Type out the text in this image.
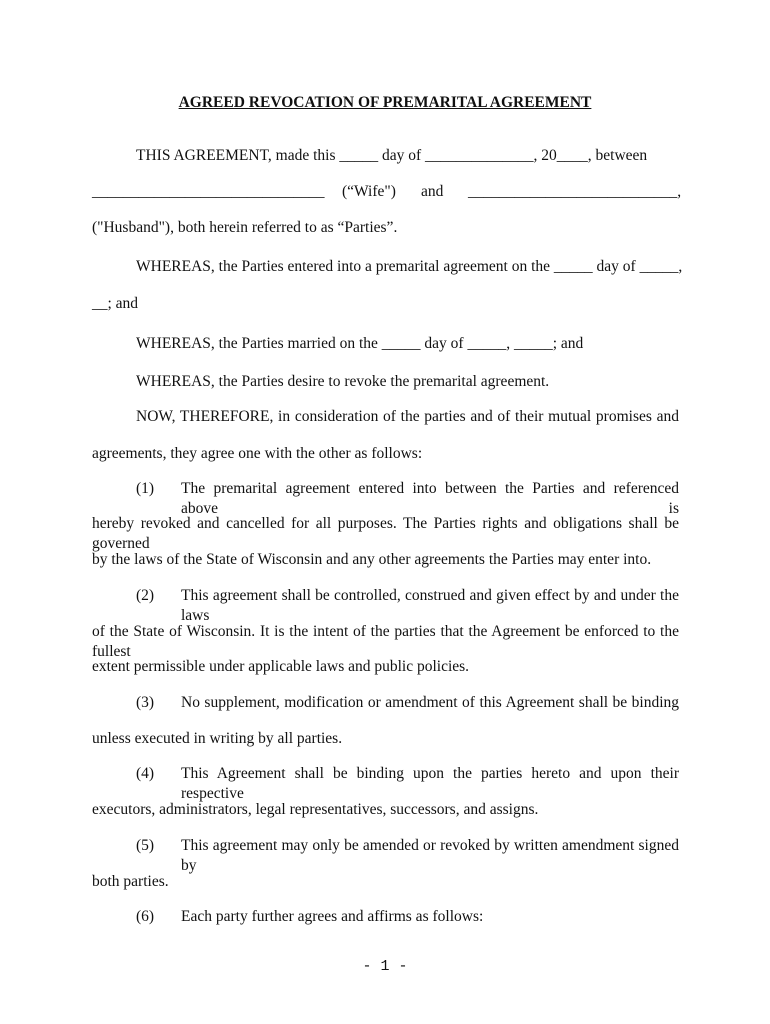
AGREED REVOCATION OF PREMARITAL AGREEMENT

THIS AGREEMENT, made this _____ day of ______________, 20____, between

______________________________ (“Wife") and ___________________________,

("Husband"), both herein referred to as “Parties”.

WHEREAS, the Parties entered into a premarital agreement on the _____ day of _____,

__; and

WHEREAS, the Parties married on the _____ day of _____, _____; and

WHEREAS, the Parties desire to revoke the premarital agreement.

NOW, THEREFORE, in consideration of the parties and of their mutual promises and

agreements, they agree one with the other as follows:

(1) The premarital agreement entered into between the Parties and referenced above is

hereby revoked and cancelled for all purposes. The Parties rights and obligations shall be governed

by the laws of the State of Wisconsin and any other agreements the Parties may enter into.

(2) This agreement shall be controlled, construed and given effect by and under the laws

of the State of Wisconsin. It is the intent of the parties that the Agreement be enforced to the fullest

extent permissible under applicable laws and public policies.

(3) No supplement, modification or amendment of this Agreement shall be binding

unless executed in writing by all parties.

(4) This Agreement shall be binding upon the parties hereto and upon their respective

executors, administrators, legal representatives, successors, and assigns.

(5) This agreement may only be amended or revoked by written amendment signed by

both parties.

(6) Each party further agrees and affirms as follows:

- 1 -
